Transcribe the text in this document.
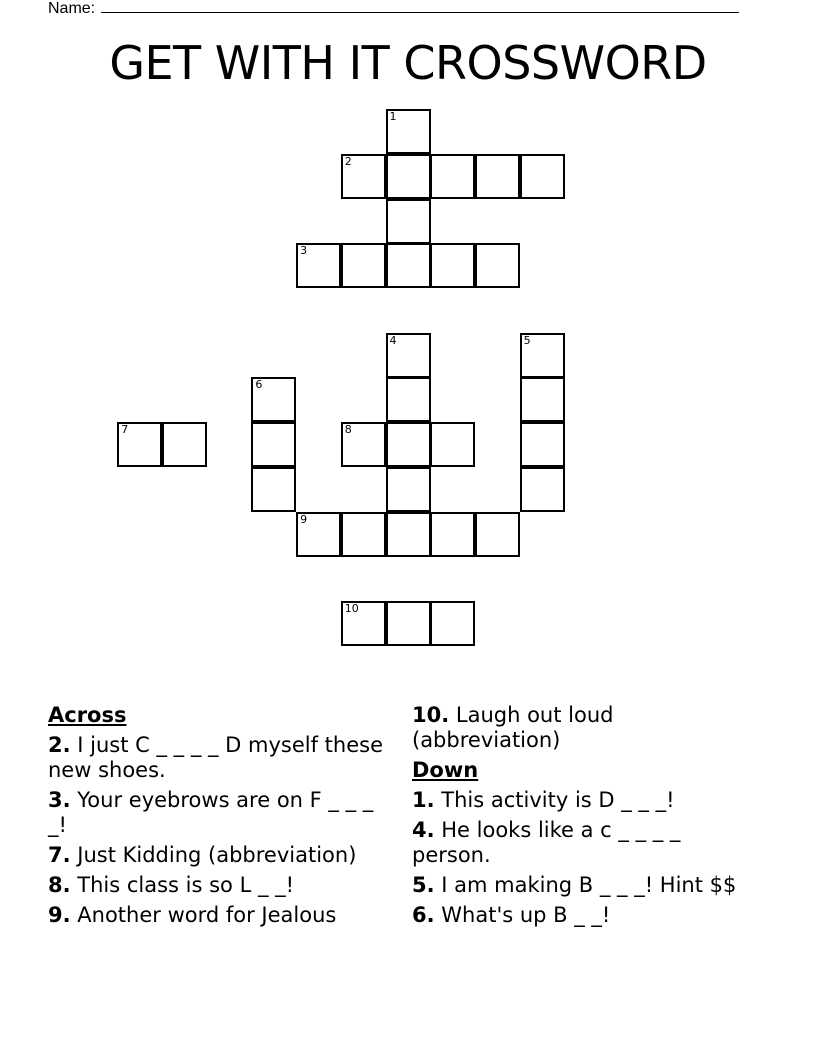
Name:
GET WITH IT CROSSWORD
1
2
3
4	5
6
7	8
9
10
Across
2. I just C _ _ _ _ D myself these new shoes.
3. Your eyebrows are on F _ _ _ _!
7. Just Kidding (abbreviation)
8. This class is so L _ _!
9. Another word for Jealous
10. Laugh out loud (abbreviation)
Down
1. This activity is D _ _ _!
4. He looks like a c _ _ _ _ person.
5. I am making B _ _ _! Hint $$
6. What's up B _ _!
